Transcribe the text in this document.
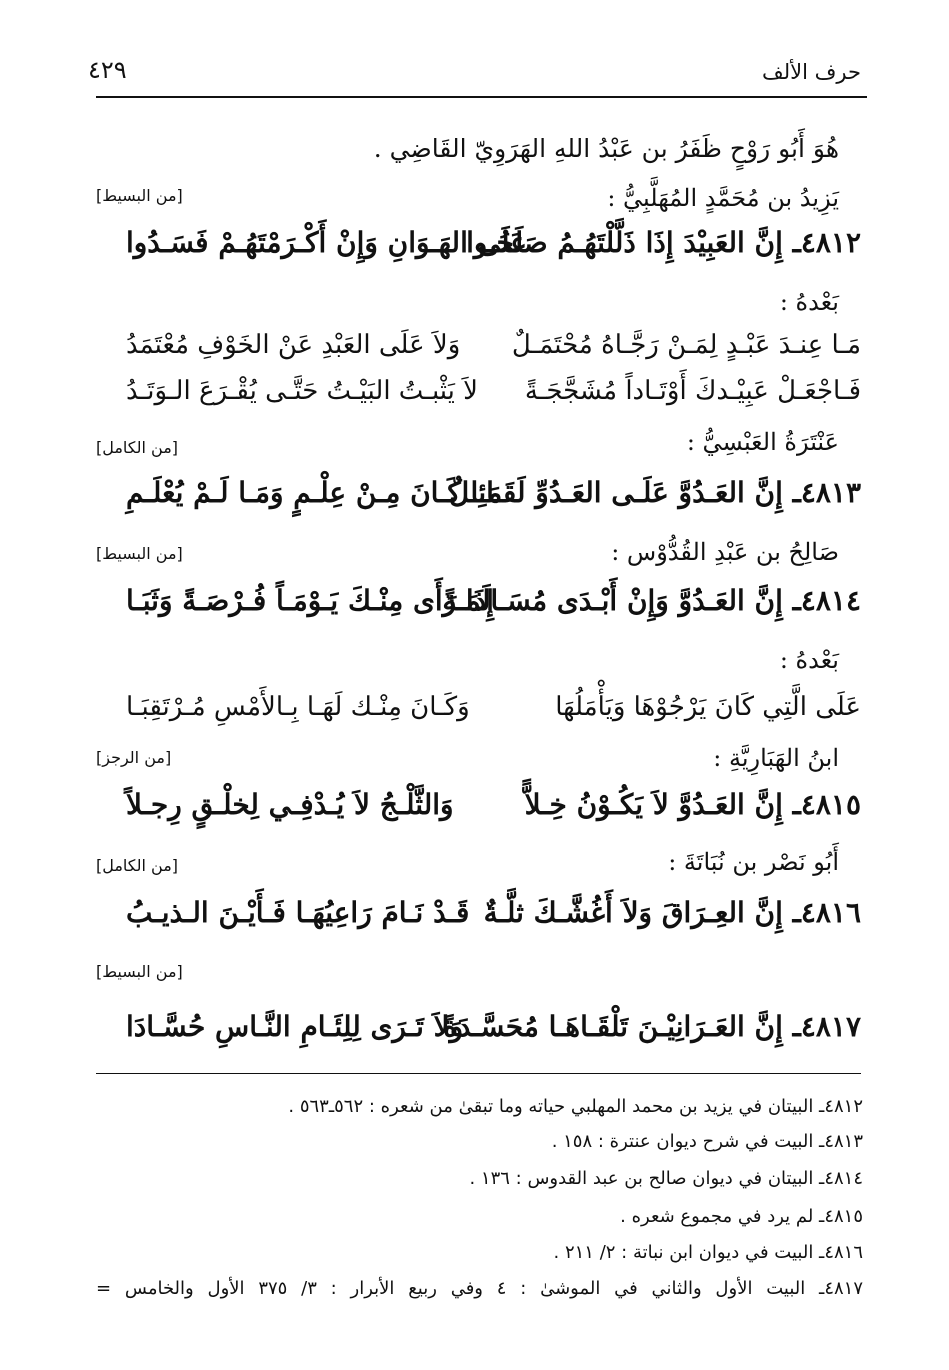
حرف الألف
٤٢٩
هُوَ أَبُو رَوْحٍ ظَفَرُ بن عَبْدُ اللهِ الهَرَوِيّ القَاضِي .
يَزِيدُ بن مُحَمَّدٍ المُهَلَّبِيُّ :
[من البسيط]
٤٨١٢ـ إِنَّ العَبِيْدَ إِذَا ذَلَّلْتَهُـمُ صَلَحُـوا
عَلَى الهَـوَانِ وَإِنْ أَكْـرَمْتَهُـمْ فَسَـدُوا
بَعْدهُ :
مَـا عِنـدَ عَبْـدٍ لِمَـنْ رَجَّـاهُ مُحْتَمَـلٌ
وَلاَ عَلَى العَبْدِ عَنْ الخَوْفِ مُعْتَمَدُ
فَـاجْعَـلْ عَبِيْـدكَ أَوْتَـاداً مُشَجَّجَـةً
لاَ يَثْبـتُ البَيْـتُ حَتَّـى يُقْـرَعَ الـوَتَـدُ
عَنْتَرَةُ العَبْسِيُّ :
[من الكامل]
٤٨١٣ـ إِنَّ العَـدُوَّ عَلَـى العَـدُوِّ لَقَـائِـلٌ
مَـا كَـانَ مِـنْ عِلْـمٍ وَمَـا لَـمْ يُعْلَـمِ
صَالِحُ بن عَبْدِ القُدُّوْس :
[من البسيط]
٤٨١٤ـ إِنَّ العَـدُوَّ وَإِنْ أَبْـدَى مُسَـالَمَـةً
إِذَا رَأَى مِنْـكَ يَـوْمَـاً فُـرْصَـةً وَثَبَـا
بَعْدهُ :
عَلَى الَّتِي كَانَ يَرْجُوْهَا وَيَأْمَلُهَا
وَكَـانَ مِنْـك لَهَـا بِـالأَمْسِ مُـرْتَقِبَـا
ابنُ الهَبَارِيَّةِ :
[من الرجز]
٤٨١٥ـ إِنَّ العَـدُوَّ لاَ يَكُـوْنُ خِـلاًّ
وَالثَّلْـجُ لاَ يُـدْفِـي لِخلْـقٍ رِجـلاً
أَبُو نَصْر بن نُبَاتَةَ :
[من الكامل]
٤٨١٦ـ إِنَّ العِـرَاقَ وَلاَ أَغُشَّـكَ ثلَّـةٌ
قَـدْ نَـامَ رَاعِيُهَـا فَـأَيْـنَ الـذيـبُ
[من البسيط]
٤٨١٧ـ إِنَّ العَـرَانِيْـنَ تَلْقَـاهَـا مُحَسَّـدَةً
وَلاَ تَـرَى لِلِئَـامِ النَّـاسِ حُسَّـادَا
٤٨١٢ـ البيتان في يزيد بن محمد المهلبي حياته وما تبقىٰ من شعره : ٥٦٢ـ٥٦٣ .
٤٨١٣ـ البيت في شرح ديوان عنترة : ١٥٨ .
٤٨١٤ـ البيتان في ديوان صالح بن عبد القدوس : ١٣٦ .
٤٨١٥ـ لم يرد في مجموع شعره .
٤٨١٦ـ البيت في ديوان ابن نباتة : ٢/ ٢١١ .
٤٨١٧ـ البيت الأول والثاني في الموشىٰ : ٤ وفي ربيع الأبرار : ٣/ ٣٧٥ الأول والخامس =
